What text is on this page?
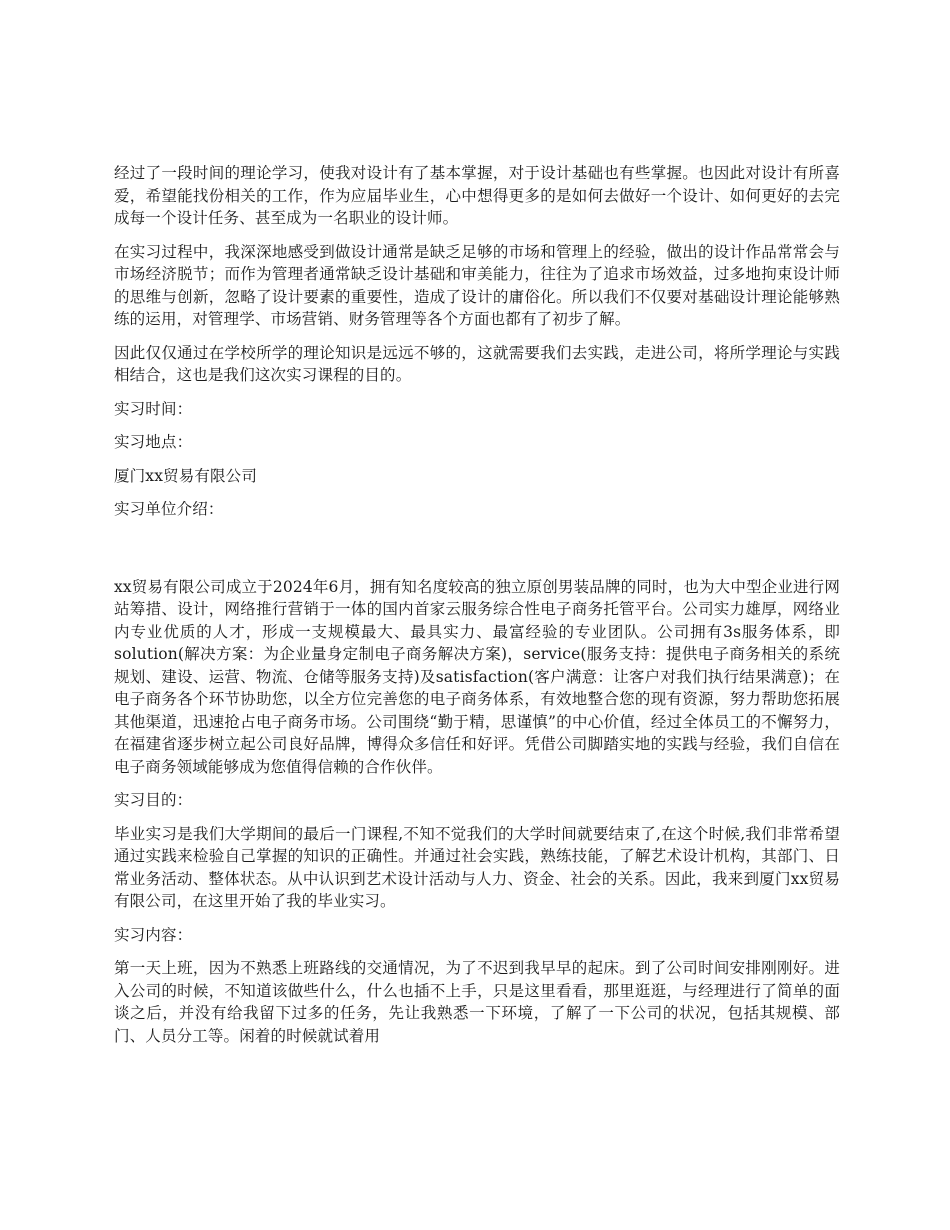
经过了一段时间的理论学习，使我对设计有了基本掌握，对于设计基础也有些掌握。也因此对设计有所喜爱，希望能找份相关的工作，作为应届毕业生，心中想得更多的是如何去做好一个设计、如何更好的去完成每一个设计任务、甚至成为一名职业的设计师。

在实习过程中，我深深地感受到做设计通常是缺乏足够的市场和管理上的经验，做出的设计作品常常会与市场经济脱节；而作为管理者通常缺乏设计基础和审美能力，往往为了追求市场效益，过多地拘束设计师的思维与创新，忽略了设计要素的重要性，造成了设计的庸俗化。所以我们不仅要对基础设计理论能够熟练的运用，对管理学、市场营销、财务管理等各个方面也都有了初步了解。

因此仅仅通过在学校所学的理论知识是远远不够的，这就需要我们去实践，走进公司，将所学理论与实践相结合，这也是我们这次实习课程的目的。

实习时间：

实习地点：

厦门xx贸易有限公司

实习单位介绍：

xx贸易有限公司成立于2024年6月，拥有知名度较高的独立原创男装品牌的同时，也为大中型企业进行网站筹措、设计，网络推行营销于一体的国内首家云服务综合性电子商务托管平台。公司实力雄厚，网络业内专业优质的人才，形成一支规模最大、最具实力、最富经验的专业团队。公司拥有3s服务体系，即solution(解决方案：为企业量身定制电子商务解决方案)，service(服务支持：提供电子商务相关的系统规划、建设、运营、物流、仓储等服务支持)及satisfaction(客户满意：让客户对我们执行结果满意)；在电子商务各个环节协助您，以全方位完善您的电子商务体系，有效地整合您的现有资源，努力帮助您拓展其他渠道，迅速抢占电子商务市场。公司围绕“勤于精，思谨慎”的中心价值，经过全体员工的不懈努力，在福建省逐步树立起公司良好品牌，博得众多信任和好评。凭借公司脚踏实地的实践与经验，我们自信在电子商务领域能够成为您值得信赖的合作伙伴。

实习目的：

毕业实习是我们大学期间的最后一门课程,不知不觉我们的大学时间就要结束了,在这个时候,我们非常希望通过实践来检验自己掌握的知识的正确性。并通过社会实践，熟练技能，了解艺术设计机构，其部门、日常业务活动、整体状态。从中认识到艺术设计活动与人力、资金、社会的关系。因此，我来到厦门xx贸易有限公司，在这里开始了我的毕业实习。

实习内容：

第一天上班，因为不熟悉上班路线的交通情况，为了不迟到我早早的起床。到了公司时间安排刚刚好。进入公司的时候，不知道该做些什么，什么也插不上手，只是这里看看，那里逛逛，与经理进行了简单的面谈之后，并没有给我留下过多的任务，先让我熟悉一下环境，了解了一下公司的状况，包括其规模、部门、人员分工等。闲着的时候就试着用
